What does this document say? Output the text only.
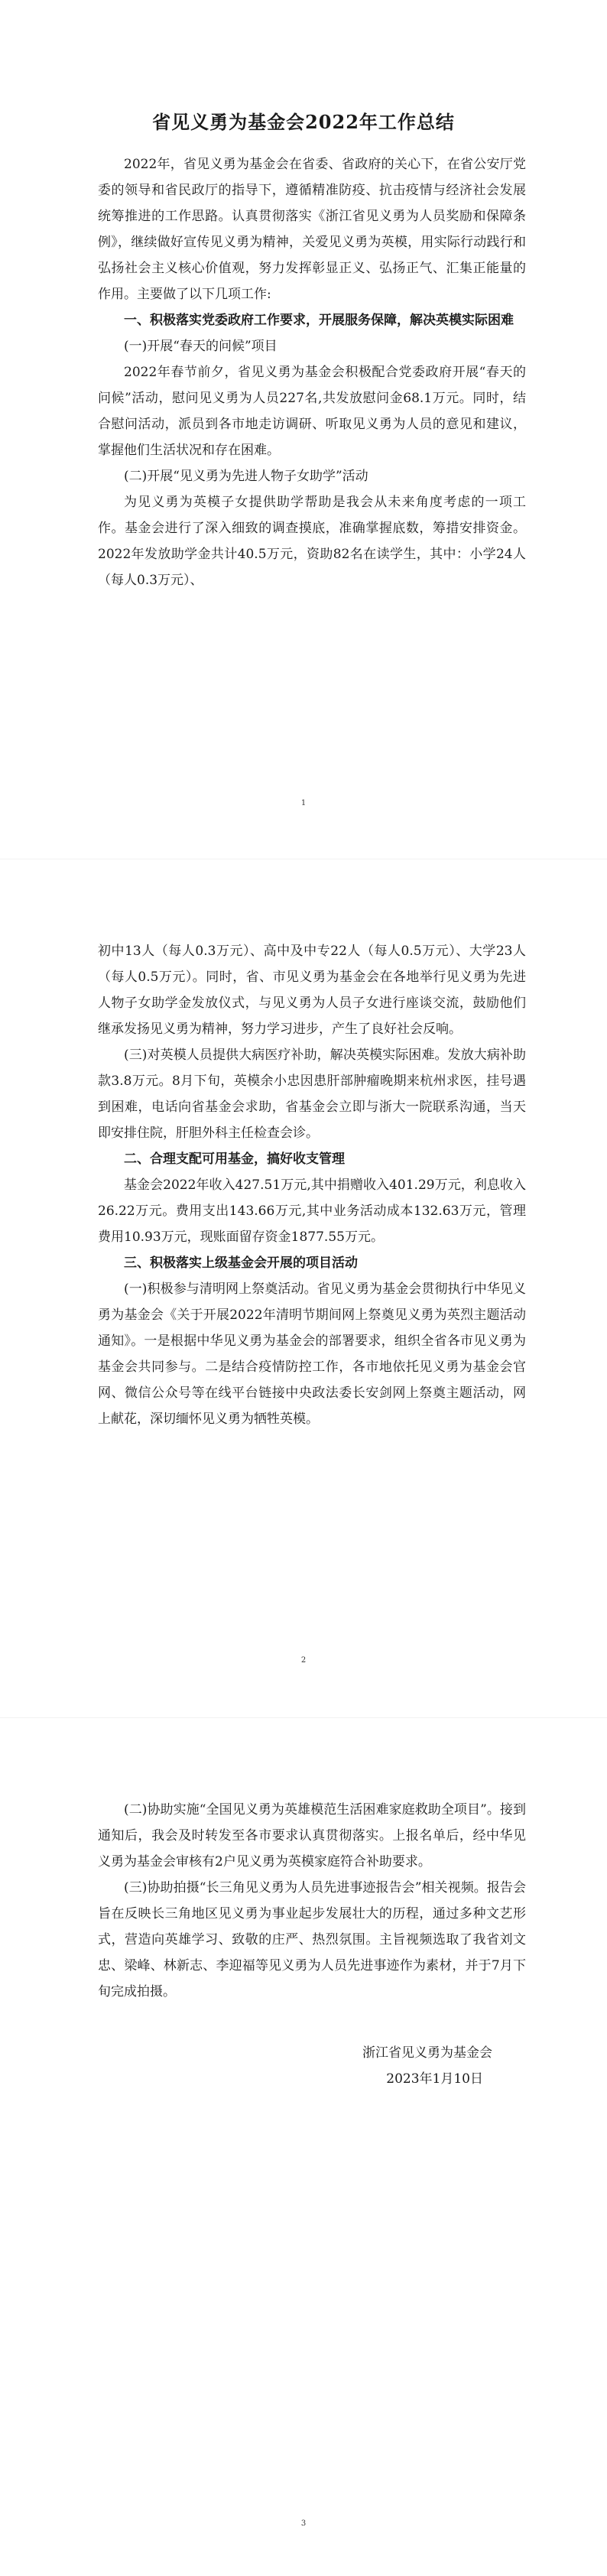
省见义勇为基金会2022年工作总结

2022年，省见义勇为基金会在省委、省政府的关心下，在省公安厅党委的领导和省民政厅的指导下，遵循精准防疫、抗击疫情与经济社会发展统筹推进的工作思路。认真贯彻落实《浙江省见义勇为人员奖励和保障条例》，继续做好宣传见义勇为精神，关爱见义勇为英模，用实际行动践行和弘扬社会主义核心价值观，努力发挥彰显正义、弘扬正气、汇集正能量的作用。主要做了以下几项工作:

一、积极落实党委政府工作要求，开展服务保障，解决英模实际困难

(一)开展“春天的问候”项目

2022年春节前夕，省见义勇为基金会积极配合党委政府开展“春天的问候”活动，慰问见义勇为人员227名,共发放慰问金68.1万元。同时，结合慰问活动，派员到各市地走访调研、听取见义勇为人员的意见和建议，掌握他们生活状况和存在困难。

(二)开展“见义勇为先进人物子女助学”活动

为见义勇为英模子女提供助学帮助是我会从未来角度考虑的一项工作。基金会进行了深入细致的调查摸底，准确掌握底数，筹措安排资金。2022年发放助学金共计40.5万元，资助82名在读学生，其中：小学24人（每人0.3万元）、

1

初中13人（每人0.3万元）、高中及中专22人（每人0.5万元）、大学23人（每人0.5万元）。同时，省、市见义勇为基金会在各地举行见义勇为先进人物子女助学金发放仪式，与见义勇为人员子女进行座谈交流，鼓励他们继承发扬见义勇为精神，努力学习进步，产生了良好社会反响。

(三)对英模人员提供大病医疗补助，解决英模实际困难。发放大病补助款3.8万元。8月下旬，英模余小忠因患肝部肿瘤晚期来杭州求医，挂号遇到困难，电话向省基金会求助，省基金会立即与浙大一院联系沟通，当天即安排住院，肝胆外科主任检查会诊。

二、合理支配可用基金，搞好收支管理

基金会2022年收入427.51万元,其中捐赠收入401.29万元，利息收入26.22万元。费用支出143.66万元,其中业务活动成本132.63万元，管理费用10.93万元，现账面留存资金1877.55万元。

三、积极落实上级基金会开展的项目活动

(一)积极参与清明网上祭奠活动。省见义勇为基金会贯彻执行中华见义勇为基金会《关于开展2022年清明节期间网上祭奠见义勇为英烈主题活动通知》。一是根据中华见义勇为基金会的部署要求，组织全省各市见义勇为基金会共同参与。二是结合疫情防控工作，各市地依托见义勇为基金会官网、微信公众号等在线平台链接中央政法委长安剑网上祭奠主题活动，网上献花，深切缅怀见义勇为牺牲英模。

2

(二)协助实施“全国见义勇为英雄模范生活困难家庭救助全项目”。接到通知后，我会及时转发至各市要求认真贯彻落实。上报名单后，经中华见义勇为基金会审核有2户见义勇为英模家庭符合补助要求。

(三)协助拍摄“长三角见义勇为人员先进事迹报告会”相关视频。报告会旨在反映长三角地区见义勇为事业起步发展壮大的历程，通过多种文艺形式，营造向英雄学习、致敬的庄严、热烈氛围。主旨视频选取了我省刘文忠、梁峰、林新志、李迎福等见义勇为人员先进事迹作为素材，并于7月下旬完成拍摄。

浙江省见义勇为基金会

2023年1月10日

3
